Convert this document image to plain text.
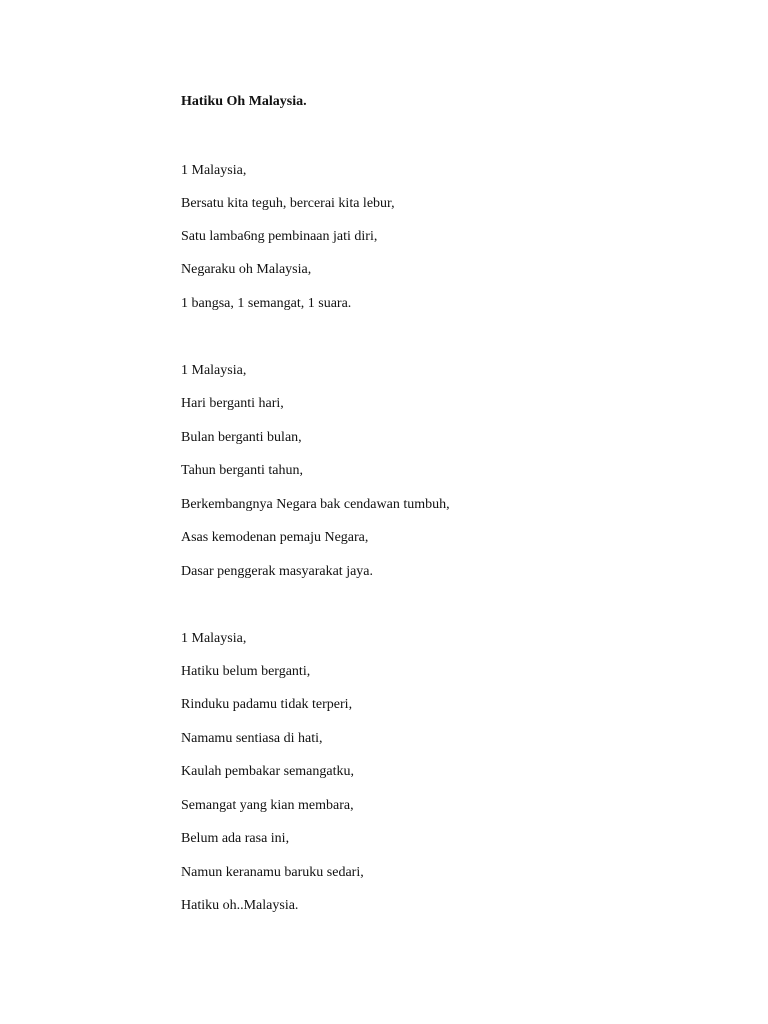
Hatiku Oh Malaysia.
1 Malaysia,
Bersatu kita teguh, bercerai kita lebur,
Satu lamba6ng pembinaan jati diri,
Negaraku oh Malaysia,
1 bangsa, 1 semangat, 1 suara.
1 Malaysia,
Hari berganti hari,
Bulan berganti bulan,
Tahun berganti tahun,
Berkembangnya Negara bak cendawan tumbuh,
Asas kemodenan pemaju Negara,
Dasar penggerak masyarakat jaya.
1 Malaysia,
Hatiku belum berganti,
Rinduku padamu tidak terperi,
Namamu sentiasa di hati,
Kaulah pembakar semangatku,
Semangat yang kian membara,
Belum ada rasa ini,
Namun keranamu baruku sedari,
Hatiku oh..Malaysia.
